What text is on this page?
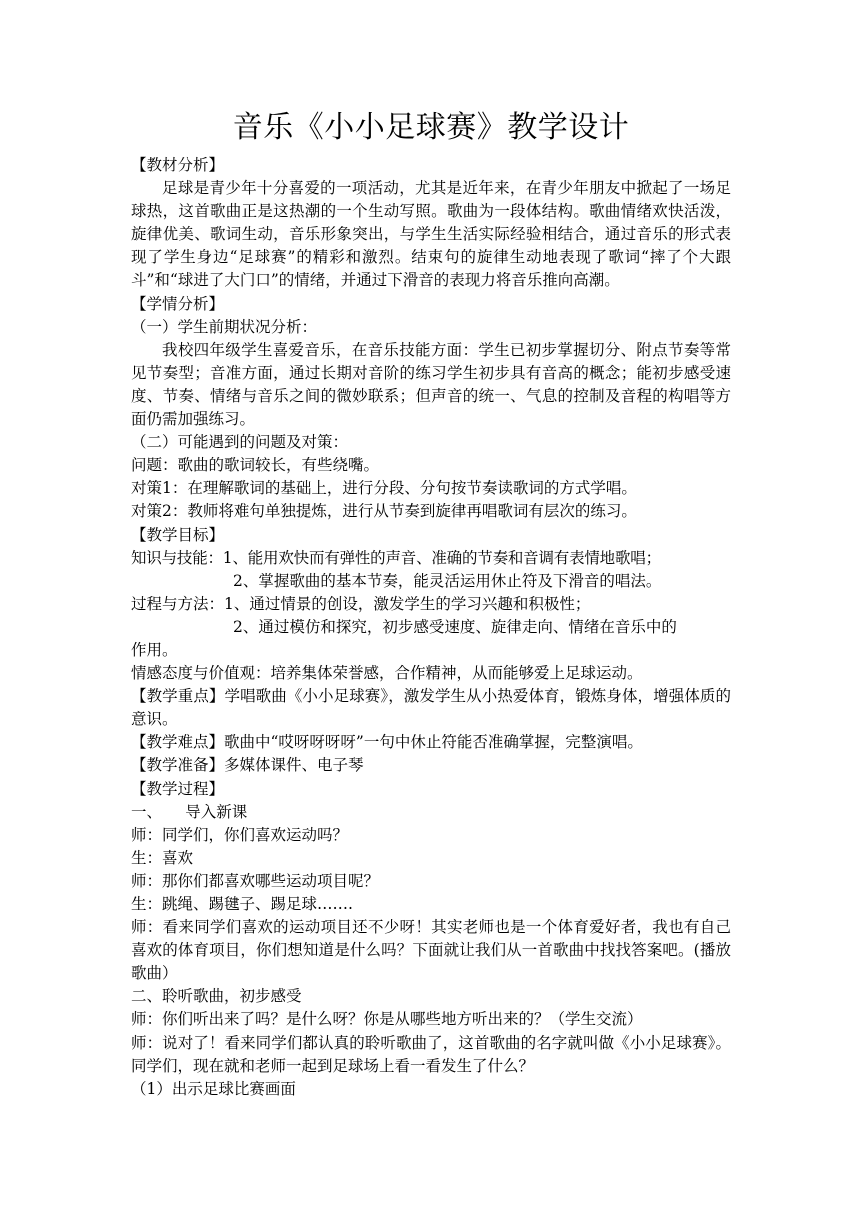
音乐《小小足球赛》教学设计

【教材分析】

足球是青少年十分喜爱的一项活动，尤其是近年来，在青少年朋友中掀起了一场足球热，这首歌曲正是这热潮的一个生动写照。歌曲为一段体结构。歌曲情绪欢快活泼，旋律优美、歌词生动，音乐形象突出，与学生生活实际经验相结合，通过音乐的形式表现了学生身边“足球赛”的精彩和激烈。结束句的旋律生动地表现了歌词“摔了个大跟斗”和“球进了大门口”的情绪，并通过下滑音的表现力将音乐推向高潮。

【学情分析】

（一）学生前期状况分析：

我校四年级学生喜爱音乐，在音乐技能方面：学生已初步掌握切分、附点节奏等常见节奏型；音准方面，通过长期对音阶的练习学生初步具有音高的概念；能初步感受速度、节奏、情绪与音乐之间的微妙联系；但声音的统一、气息的控制及音程的构唱等方面仍需加强练习。

（二）可能遇到的问题及对策：

问题：歌曲的歌词较长，有些绕嘴。

对策1：在理解歌词的基础上，进行分段、分句按节奏读歌词的方式学唱。

对策2：教师将难句单独提炼，进行从节奏到旋律再唱歌词有层次的练习。

【教学目标】

知识与技能：1、能用欢快而有弹性的声音、准确的节奏和音调有表情地歌唱；

2、掌握歌曲的基本节奏，能灵活运用休止符及下滑音的唱法。

过程与方法：1、通过情景的创设，激发学生的学习兴趣和积极性；

2、通过模仿和探究，初步感受速度、旋律走向、情绪在音乐中的

作用。

情感态度与价值观：培养集体荣誉感，合作精神，从而能够爱上足球运动。

【教学重点】学唱歌曲《小小足球赛》，激发学生从小热爱体育，锻炼身体，增强体质的意识。

【教学难点】歌曲中“哎呀呀呀呀”一句中休止符能否准确掌握，完整演唱。

【教学准备】多媒体课件、电子琴

【教学过程】

一、　　导入新课

师：同学们，你们喜欢运动吗？

生：喜欢

师：那你们都喜欢哪些运动项目呢？

生：跳绳、踢毽子、踢足球…….

师：看来同学们喜欢的运动项目还不少呀！其实老师也是一个体育爱好者，我也有自己喜欢的体育项目，你们想知道是什么吗？下面就让我们从一首歌曲中找找答案吧。(播放歌曲）

二、聆听歌曲，初步感受

师：你们听出来了吗？是什么呀？你是从哪些地方听出来的？（学生交流）

师：说对了！看来同学们都认真的聆听歌曲了，这首歌曲的名字就叫做《小小足球赛》。同学们，现在就和老师一起到足球场上看一看发生了什么？

（1）出示足球比赛画面
